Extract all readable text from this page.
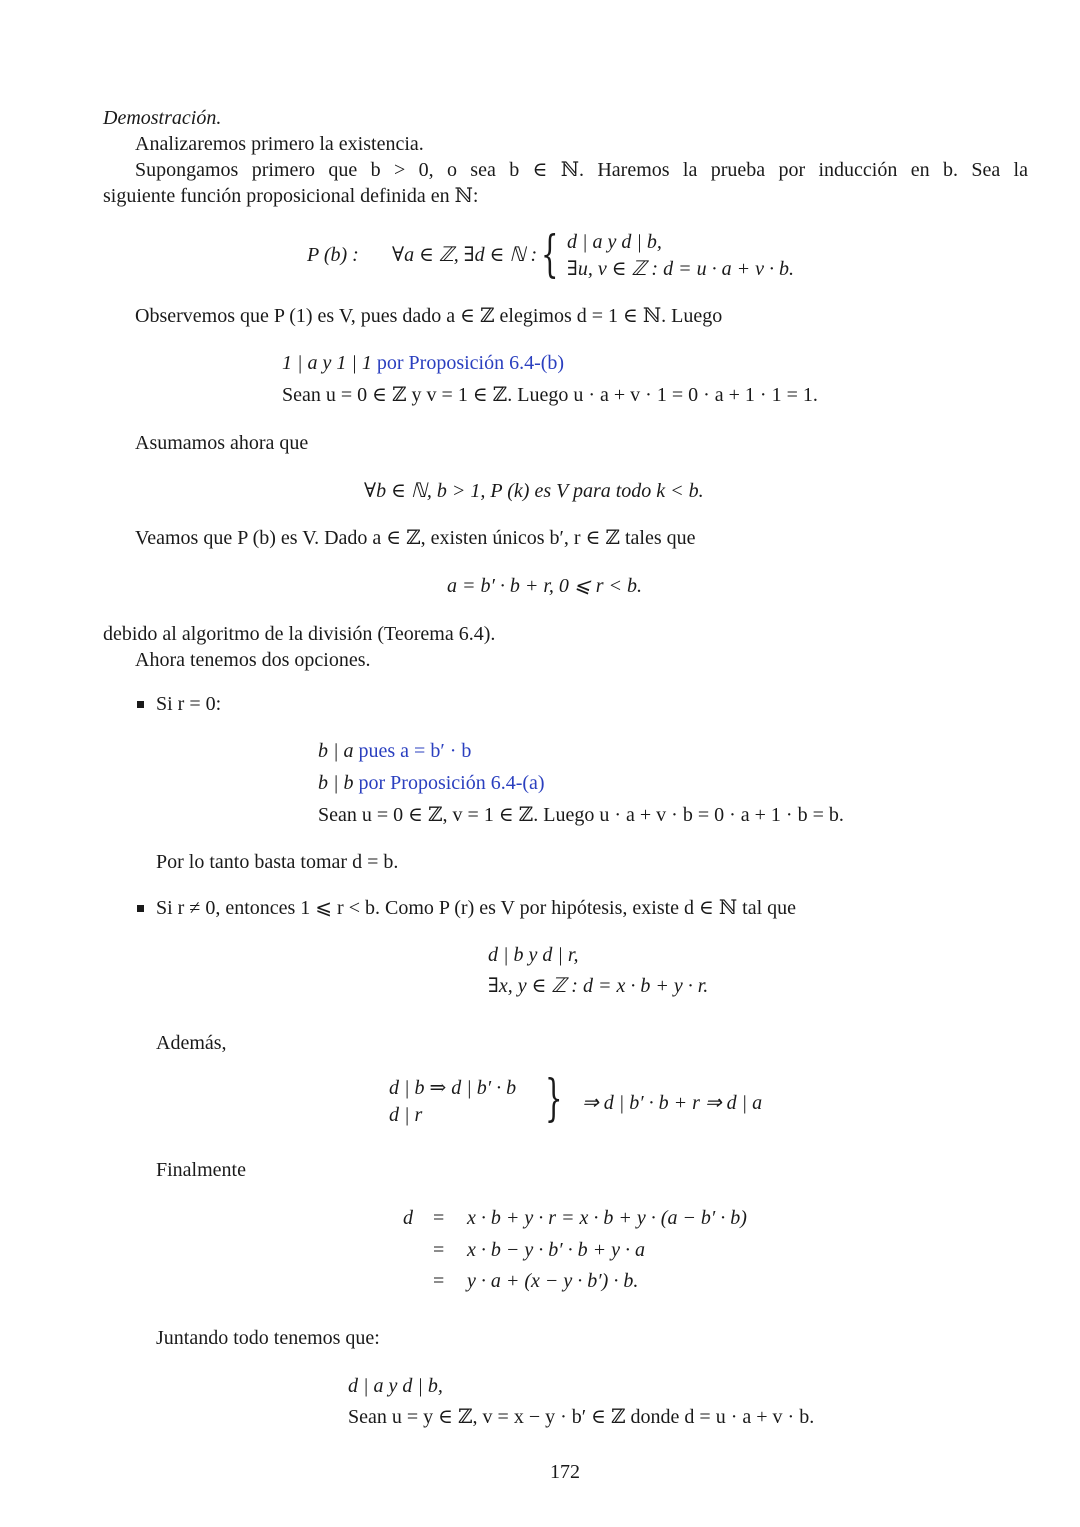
Demostración.
Analizaremos primero la existencia.
Supongamos primero que b > 0, o sea b ∈ ℕ. Haremos la prueba por inducción en b. Sea la
siguiente función proposicional definida en ℕ:
P (b) : ∀a ∈ ℤ, ∃d ∈ ℕ : { d | a y d | b,
∃u, v ∈ ℤ : d = u · a + v · b.
Observemos que P (1) es V, pues dado a ∈ ℤ elegimos d = 1 ∈ ℕ. Luego
1 | a y 1 | 1 por Proposición 6.4-(b)
Sean u = 0 ∈ ℤ y v = 1 ∈ ℤ. Luego u · a + v · 1 = 0 · a + 1 · 1 = 1.
Asumamos ahora que
∀b ∈ ℕ, b > 1, P (k) es V para todo k < b.
Veamos que P (b) es V. Dado a ∈ ℤ, existen únicos b′, r ∈ ℤ tales que
a = b′ · b + r, 0 ⩽ r < b.
debido al algoritmo de la división (Teorema 6.4).
Ahora tenemos dos opciones.
Si r = 0:
b | a pues a = b′ · b
b | b por Proposición 6.4-(a)
Sean u = 0 ∈ ℤ, v = 1 ∈ ℤ. Luego u · a + v · b = 0 · a + 1 · b = b.
Por lo tanto basta tomar d = b.
Si r ≠ 0, entonces 1 ⩽ r < b. Como P (r) es V por hipótesis, existe d ∈ ℕ tal que
d | b y d | r,
∃x, y ∈ ℤ : d = x · b + y · r.
Además,
d | b ⇒ d | b′ · b
d | r } ⇒ d | b′ · b + r ⇒ d | a
Finalmente
d = x · b + y · r = x · b + y · (a − b′ · b)
= x · b − y · b′ · b + y · a
= y · a + (x − y · b′) · b.
Juntando todo tenemos que:
d | a y d | b,
Sean u = y ∈ ℤ, v = x − y · b′ ∈ ℤ donde d = u · a + v · b.
172
